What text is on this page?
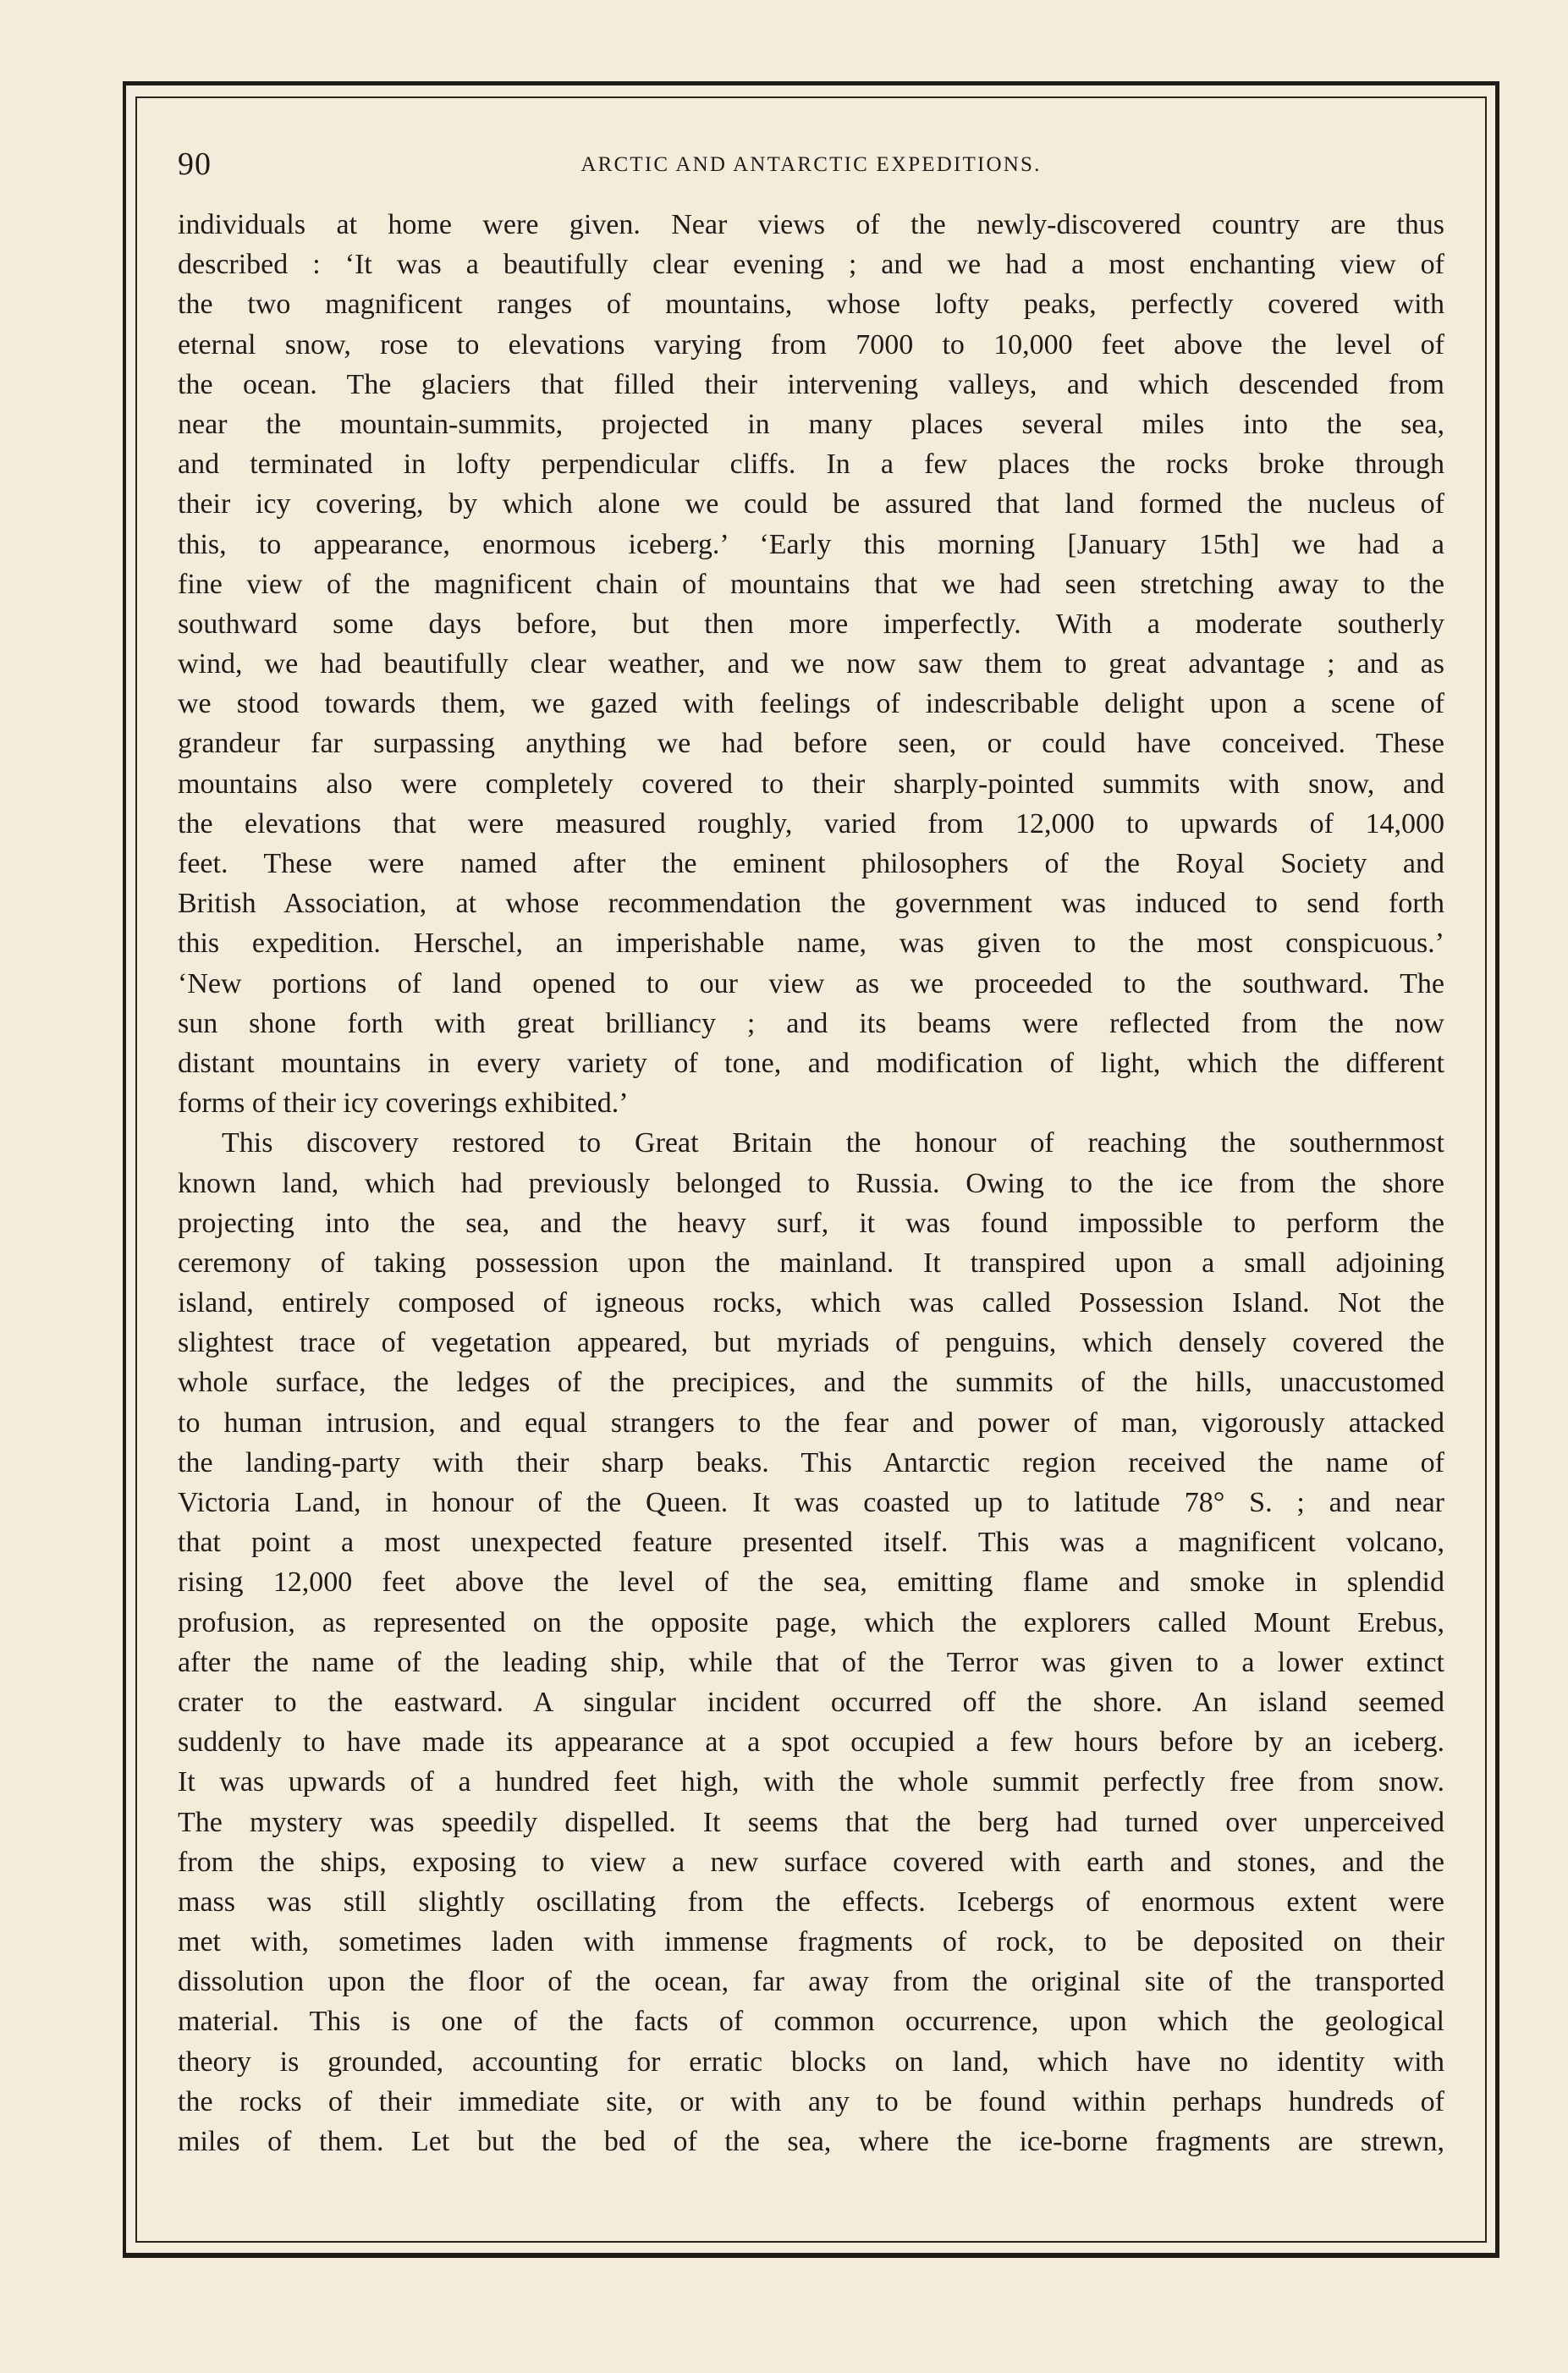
90	ARCTIC AND ANTARCTIC EXPEDITIONS.
individuals at home were given. Near views of the newly-discovered country are thus
described : ‘It was a beautifully clear evening ; and we had a most enchanting view of
the two magnificent ranges of mountains, whose lofty peaks, perfectly covered with
eternal snow, rose to elevations varying from 7000 to 10,000 feet above the level of
the ocean. The glaciers that filled their intervening valleys, and which descended from
near the mountain-summits, projected in many places several miles into the sea,
and terminated in lofty perpendicular cliffs. In a few places the rocks broke through
their icy covering, by which alone we could be assured that land formed the nucleus of
this, to appearance, enormous iceberg.’ ‘Early this morning [January 15th] we had a
fine view of the magnificent chain of mountains that we had seen stretching away to the
southward some days before, but then more imperfectly. With a moderate southerly
wind, we had beautifully clear weather, and we now saw them to great advantage ; and as
we stood towards them, we gazed with feelings of indescribable delight upon a scene of
grandeur far surpassing anything we had before seen, or could have conceived. These
mountains also were completely covered to their sharply-pointed summits with snow, and
the elevations that were measured roughly, varied from 12,000 to upwards of 14,000
feet. These were named after the eminent philosophers of the Royal Society and
British Association, at whose recommendation the government was induced to send forth
this expedition. Herschel, an imperishable name, was given to the most conspicuous.’
‘New portions of land opened to our view as we proceeded to the southward. The
sun shone forth with great brilliancy ; and its beams were reflected from the now
distant mountains in every variety of tone, and modification of light, which the different
forms of their icy coverings exhibited.’
This discovery restored to Great Britain the honour of reaching the southernmost
known land, which had previously belonged to Russia. Owing to the ice from the shore
projecting into the sea, and the heavy surf, it was found impossible to perform the
ceremony of taking possession upon the mainland. It transpired upon a small adjoining
island, entirely composed of igneous rocks, which was called Possession Island. Not the
slightest trace of vegetation appeared, but myriads of penguins, which densely covered the
whole surface, the ledges of the precipices, and the summits of the hills, unaccustomed
to human intrusion, and equal strangers to the fear and power of man, vigorously attacked
the landing-party with their sharp beaks. This Antarctic region received the name of
Victoria Land, in honour of the Queen. It was coasted up to latitude 78° S. ; and near
that point a most unexpected feature presented itself. This was a magnificent volcano,
rising 12,000 feet above the level of the sea, emitting flame and smoke in splendid
profusion, as represented on the opposite page, which the explorers called Mount Erebus,
after the name of the leading ship, while that of the Terror was given to a lower extinct
crater to the eastward. A singular incident occurred off the shore. An island seemed
suddenly to have made its appearance at a spot occupied a few hours before by an iceberg.
It was upwards of a hundred feet high, with the whole summit perfectly free from snow.
The mystery was speedily dispelled. It seems that the berg had turned over unperceived
from the ships, exposing to view a new surface covered with earth and stones, and the
mass was still slightly oscillating from the effects. Icebergs of enormous extent were
met with, sometimes laden with immense fragments of rock, to be deposited on their
dissolution upon the floor of the ocean, far away from the original site of the transported
material. This is one of the facts of common occurrence, upon which the geological
theory is grounded, accounting for erratic blocks on land, which have no identity with
the rocks of their immediate site, or with any to be found within perhaps hundreds of
miles of them. Let but the bed of the sea, where the ice-borne fragments are strewn,
